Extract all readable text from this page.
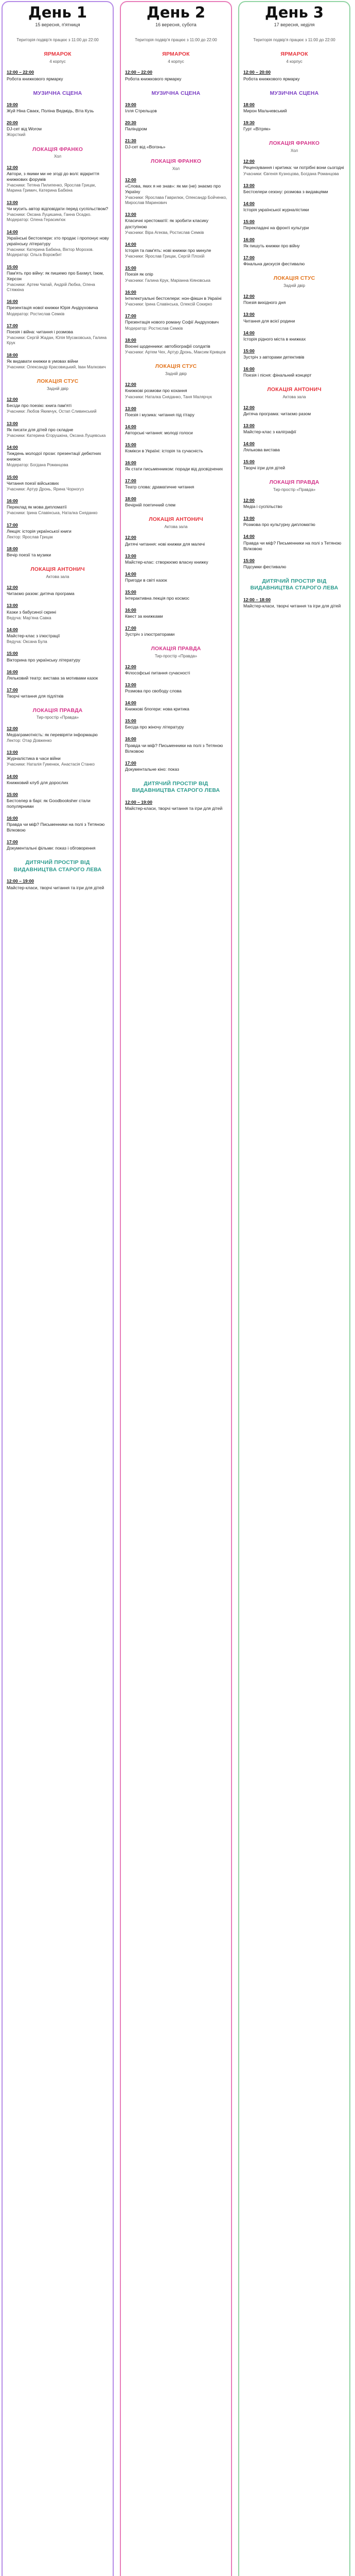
День 1
15 вересня, п'ятниця
Територія подвір'я працює з 11:00 до 22:00
ЯРМАРОК
4 корпус
12:00 – 22:00
Робота книжкового ярмарку
МУЗИЧНА СЦЕНА
19:00
Жуй Ніна Сваєк, Поліна Ведмідь, Віта Кузь
20:00
DJ-сет від Worow
Жорсткий
ЛОКАЦІЯ ФРАНКО
Хол
12:00
Автори, з якими ми не згоді до волі: відкриття книжкових форумів
Учасники: Тетяна Пилипенко, Ярослав Грицак, Марина Гримич, Катерина Бабкіна
13:00
Чи мусить автор відповідати перед суспільством?
Учасники: Оксана Луцишина, Ганна Осадко. Модератор: Олена Герасим'юк
14:00
Українські бестселери: хто продає і пропонує нову українську літературу
Учасники: Катерина Бабкіна, Віктор Морозов. Модератор: Ольга Ворожбит
15:00
Пам'ять про війну: як пишемо про Бахмут, Ізюм, Херсон
Учасники: Артем Чапай, Андрій Любка, Олена Стяжкіна
16:00
Презентація нової книжки Юрія Андруховича
Модератор: Ростислав Семків
17:00
Поезія і війна: читання і розмова
Учасники: Сергій Жадан, Юлія Мусаковська, Галина Крук
18:00
Як видавати книжки в умовах війни
Учасники: Олександр Красовицький, Іван Малкович
ЛОКАЦІЯ СТУС
Задній двір
12:00
Бесіди про поезію: книга пам'яті
Учасники: Любов Якимчук, Остап Сливинський
13:00
Як писати для дітей про складне
Учасники: Катерина Єгорушкіна, Оксана Лущевська
14:00
Тиждень молодої прози: презентації дебютних книжок
Модератор: Богдана Романцова
15:00
Читання поезії військових
Учасники: Артур Дронь, Ярина Чорногуз
16:00
Переклад як мова дипломатії
Учасники: Ірина Славінська, Наталка Сняданко
17:00
Лекція: історія української книги
Лектор: Ярослав Грицак
18:00
Вечір поезії та музики
ЛОКАЦІЯ АНТОНИЧ
Актова зала
12:00
Читаємо разом: дитяча програма
13:00
Казки з бабусиної скрині
Ведуча: Мар'яна Савка
14:00
Майстер-клас з ілюстрації
Ведуча: Оксана Була
15:00
Вікторина про українську літературу
16:00
Ляльковий театр: вистава за мотивами казок
17:00
Творчі читання для підлітків
ЛОКАЦІЯ ПРАВДА
Тир-простір «Правда»
12:00
Медіаграмотність: як перевіряти інформацію
Лектор: Отар Довженко
13:00
Журналістика в часи війни
Учасники: Наталія Гуменюк, Анастасія Станко
14:00
Книжковий клуб для дорослих
15:00
Бестселер в барі: як Goodbooksher стали популярними
16:00
Правда чи міф? Письменники на полі з Тетяною Вілковою
17:00
Документальні фільми: показ і обговорення
ДИТЯЧИЙ ПРОСТІР ВІД ВИДАВНИЦТВА СТАРОГО ЛЕВА
12:00 – 19:00
Майстер-класи, творчі читання та ігри для дітей
День 2
16 вересня, субота
Територія подвір'я працює з 11:00 до 22:00
ЯРМАРОК
4 корпус
12:00 – 22:00
Робота книжкового ярмарку
МУЗИЧНА СЦЕНА
19:00
Ілля Стрельцов
20:30
Паліндром
21:30
DJ-сет від «Вогонь»
ЛОКАЦІЯ ФРАНКО
Хол
12:00
«Слова, яких я не знав»: як ми (не) знаємо про Україну
Учасники: Ярослава Гаврилюк, Олександр Бойченко, Мирослав Маринович
13:00
Класичні хрестоматії: як зробити класику доступною
Учасники: Віра Агеєва, Ростислав Семків
14:00
Історія та пам'ять: нові книжки про минуле
Учасники: Ярослав Грицак, Сергій Плохій
15:00
Поезія як опір
Учасники: Галина Крук, Маріанна Кіяновська
16:00
Інтелектуальні бестселери: нон-фікшн в Україні
Учасники: Ірина Славінська, Олексій Сокирко
17:00
Презентація нового роману Софії Андрухович
Модератор: Ростислав Семків
18:00
Воєнні щоденники: автобіографії солдатів
Учасники: Артем Чех, Артур Дронь, Максим Кривцов
ЛОКАЦІЯ СТУС
Задній двір
12:00
Книжкові розмови про кохання
Учасники: Наталка Сняданко, Таня Малярчук
13:00
Поезія і музика: читання під гітару
14:00
Авторські читання: молоді голоси
15:00
Комікси в Україні: історія та сучасність
16:00
Як стати письменником: поради від досвідчених
17:00
Театр слова: драматичне читання
18:00
Вечірній поетичний слем
ЛОКАЦІЯ АНТОНИЧ
Актова зала
12:00
Дитячі читання: нові книжки для малечі
13:00
Майстер-клас: створюємо власну книжку
14:00
Пригоди в світі казок
15:00
Інтерактивна лекція про космос
16:00
Квест за книжками
17:00
Зустріч з ілюстраторами
ЛОКАЦІЯ ПРАВДА
Тир-простір «Правда»
12:00
Філософські питання сучасності
13:00
Розмова про свободу слова
14:00
Книжкові блогери: нова критика
15:00
Бесіда про жіночу літературу
16:00
Правда чи міф? Письменники на полі з Тетяною Вілковою
17:00
Документальне кіно: показ
ДИТЯЧИЙ ПРОСТІР ВІД ВИДАВНИЦТВА СТАРОГО ЛЕВА
12:00 – 19:00
Майстер-класи, творчі читання та ігри для дітей
День 3
17 вересня, неділя
Територія подвір'я працює з 11:00 до 22:00
ЯРМАРОК
4 корпус
12:00 – 20:00
Робота книжкового ярмарку
МУЗИЧНА СЦЕНА
18:00
Мирон Мальчевський
19:30
Гурт «Вітряк»
ЛОКАЦІЯ ФРАНКО
Хол
12:00
Рецензування і критика: чи потрібні вони сьогодні
Учасники: Євгенія Кузнєцова, Богдана Романцова
13:00
Бестселери сезону: розмова з видавцями
14:00
Історія української журналістики
15:00
Перекладачі на фронті культури
16:00
Як пишуть книжки про війну
17:00
Фінальна дискусія фестивалю
ЛОКАЦІЯ СТУС
Задній двір
12:00
Поезія вихідного дня
13:00
Читання для всієї родини
14:00
Історія рідного міста в книжках
15:00
Зустріч з авторами детективів
16:00
Поезія і пісня: фінальний концерт
ЛОКАЦІЯ АНТОНИЧ
Актова зала
12:00
Дитяча програма: читаємо разом
13:00
Майстер-клас з каліграфії
14:00
Лялькова вистава
15:00
Творчі ігри для дітей
ЛОКАЦІЯ ПРАВДА
Тир-простір «Правда»
12:00
Медіа і суспільство
13:00
Розмова про культурну дипломатію
14:00
Правда чи міф? Письменники на полі з Тетяною Вілковою
15:00
Підсумки фестивалю
ДИТЯЧИЙ ПРОСТІР ВІД ВИДАВНИЦТВА СТАРОГО ЛЕВА
12:00 – 18:00
Майстер-класи, творчі читання та ігри для дітей
